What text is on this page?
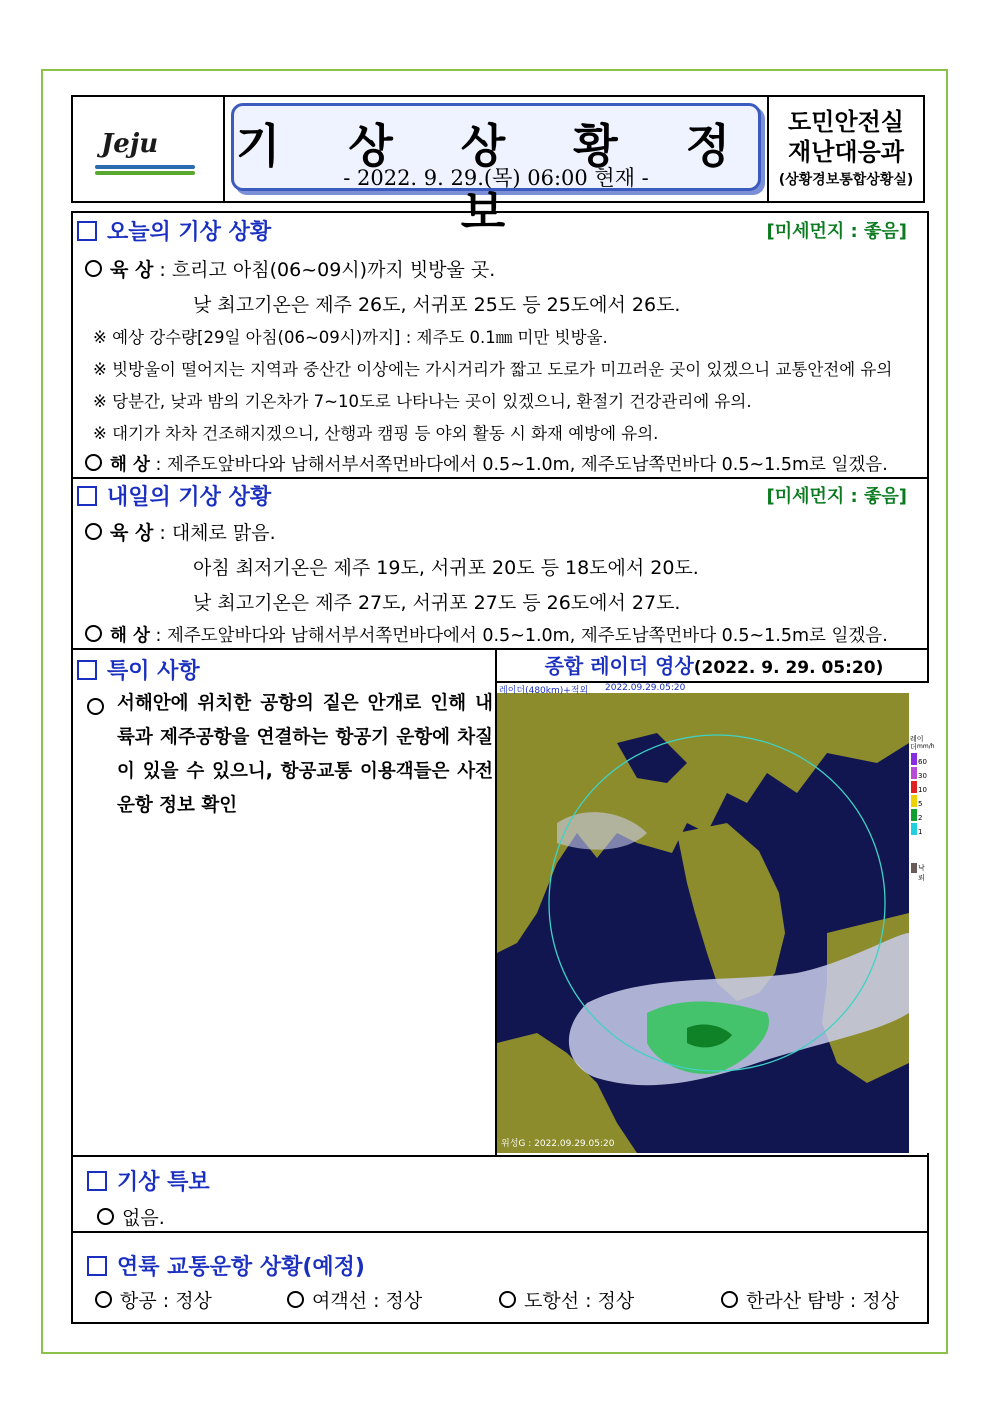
Jeju 기 상 상 황 정 보
- 2022. 9. 29.(목) 06:00 현재 -
도민안전실
재난대응과
(상황경보통합상황실)
오늘의 기상 상황	[미세먼지 : 좋음]
육 상 : 흐리고 아침(06~09시)까지 빗방울 곳.
낮 최고기온은 제주 26도, 서귀포 25도 등 25도에서 26도.
※ 예상 강수량[29일 아침(06~09시)까지] : 제주도 0.1㎜ 미만 빗방울.
※ 빗방울이 떨어지는 지역과 중산간 이상에는 가시거리가 짧고 도로가 미끄러운 곳이 있겠으니 교통안전에 유의
※ 당분간, 낮과 밤의 기온차가 7~10도로 나타나는 곳이 있겠으니, 환절기 건강관리에 유의.
※ 대기가 차차 건조해지겠으니, 산행과 캠핑 등 야외 활동 시 화재 예방에 유의.
해 상 : 제주도앞바다와 남해서부서쪽먼바다에서 0.5~1.0m, 제주도남쪽먼바다 0.5~1.5m로 일겠음.
내일의 기상 상황	[미세먼지 : 좋음]
육 상 : 대체로 맑음.
아침 최저기온은 제주 19도, 서귀포 20도 등 18도에서 20도.
낮 최고기온은 제주 27도, 서귀포 27도 등 26도에서 27도.
해 상 : 제주도앞바다와 남해서부서쪽먼바다에서 0.5~1.0m, 제주도남쪽먼바다 0.5~1.5m로 일겠음.
특이 사항
서해안에 위치한 공항의 짙은 안개로 인해 내륙과 제주공항을 연결하는 항공기 운항에 차질이 있을 수 있으니, 항공교통 이용객들은 사전 운항 정보 확인
종합 레이더 영상(2022. 9. 29. 05:20)
레이더(480km)+적외 2022.09.29.05:20
위성G : 2022.09.29.05:20
레이더 mm/h
60
30
10
5
2
1
낙뢰
기상 특보
없음.
연륙 교통운항 상황(예정)
항공 : 정상	여객선 : 정상	도항선 : 정상	한라산 탐방 : 정상
